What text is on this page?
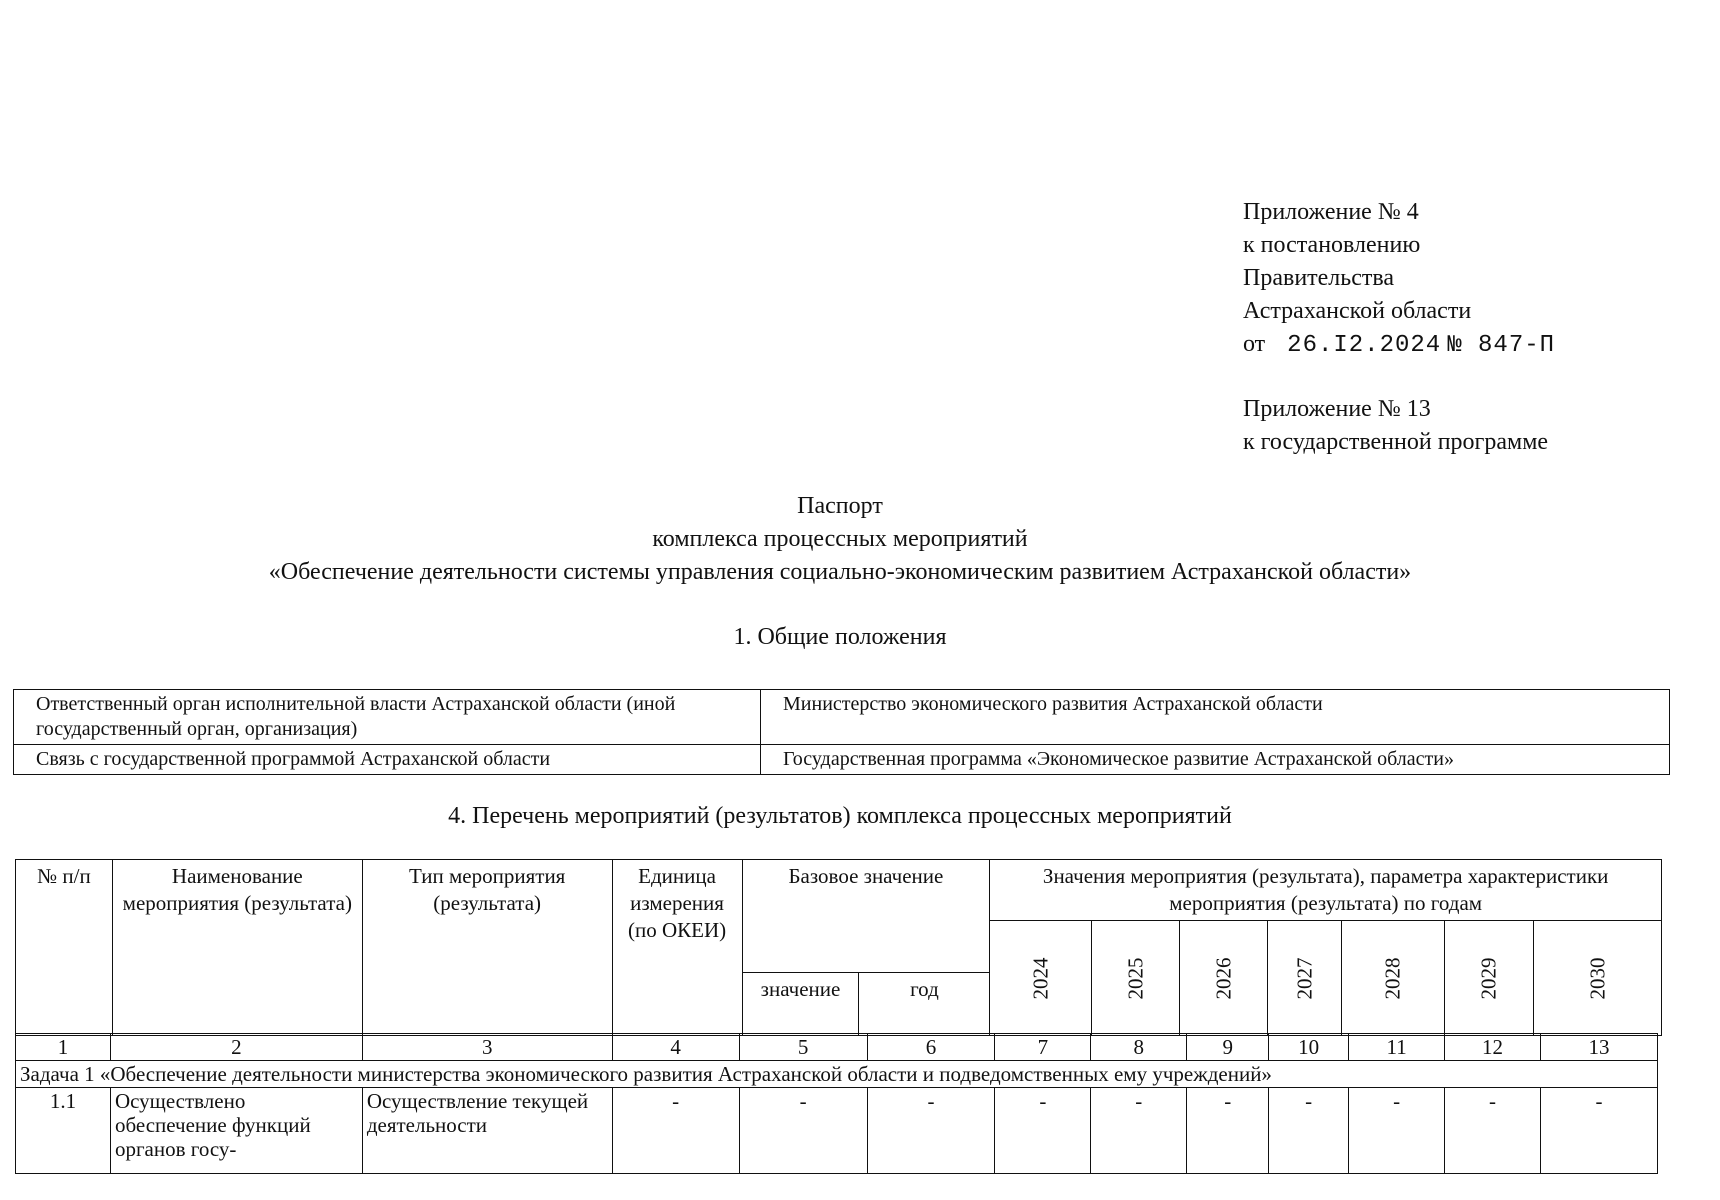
Приложение № 4
к постановлению
Правительства
Астраханской области
от 26.I2.2024 № 847-П
Приложение № 13
к государственной программе
Паспорт
комплекса процессных мероприятий
«Обеспечение деятельности системы управления социально-экономическим развитием Астраханской области»
1. Общие положения
Ответственный орган исполнительной власти Астраханской области (иной государственный орган, организация)	Министерство экономического развития Астраханской области
Связь с государственной программой Астраханской области	Государственная программа «Экономическое развитие Астраханской области»
4. Перечень мероприятий (результатов) комплекса процессных мероприятий
№ п/п	Наименование мероприятия (результата)	Тип мероприятия (результата)	Единица измерения (по ОКЕИ)	Базовое значение		Значения мероприятия (результата), параметра характеристики мероприятия (результата) по годам						
						2024	2025	2026	2027	2028	2029	2030
				значение	год							
1	2	3	4	5	6	7	8	9	10	11	12	13
Задача 1 «Обеспечение деятельности министерства экономического развития Астраханской области и подведомственных ему учреждений»												
1.1	Осуществлено обеспечение функций органов госу-	Осуществление текущей деятельности	-	-	-	-	-	-	-	-	-	-
